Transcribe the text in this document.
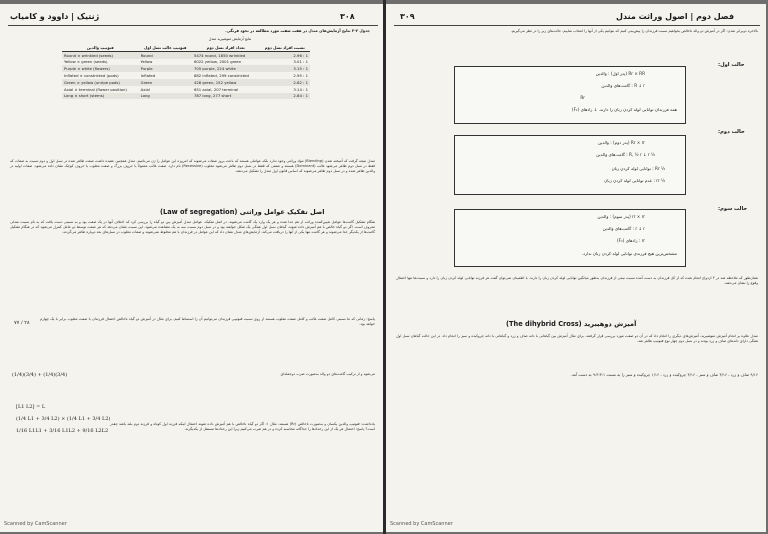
ژنتیک | داوود و کامیاب	۳۰۸
جدول ۳-۲ نتایج آزمایش‌های مندل در هفت صفت مورد مطالعه در نخود فرنگی.
نتایج آزمایش منوهیبرید مندل
فنوتیپ والدین	فنوتیپ غالب نسل اول	تعداد افراد نسل دوم	نسبت افراد نسل دوم
Round × wrinkled (seeds)	Round	5474 round, 1850 wrinkled	2.96 : 1
Yellow × green (seeds)	Yellow	6022 yellow, 2001 green	3.01 : 1
Purple × white (flowers)	Purple	705 purple, 224 white	3.15 : 1
Inflated × constricted (pods)	Inflated	882 inflated, 299 constricted	2.95 : 1
Green × yellow (unripe pods)	Green	428 green, 152 yellow	2.82 : 1
Axial × terminal (flower position)	Axial	651 axial, 207 terminal	3.14 : 1
Long × short (stems)	Long	787 long, 277 short	2.84 : 1
مندل نتیجه گرفت که آمیخته شدن (Blending) مواد وراثتی وجود ندارد بلکه عواملی هستند که باعث بروز صفات می‌شوند که امروزه این عوامل را ژن می‌نامیم. مندل همچنین عقیده داشت صفت ظاهر شده در نسل اول و دوم نسبت به صفات که فقط در نسل دوم ظاهر می‌شود غالب (Dominant) هستند و صفتی که فقط در نسل دوم ظاهر می‌شود مغلوب (Recessive) نام دارد. صفت غالب معمولاً با حروف بزرگ و صفت مغلوب با حروف کوچک نشان داده می‌شود. صفات اولیه در والدین ظاهر شده و در نسل دوم ظاهر می‌شوند که اساس قانون اول مندل را تشکیل می‌دهند.
اصل تفکیک عوامل وراثتی (Law of segregation)
هنگام تشکیل گامت‌ها عوامل تعیین‌کننده وراثت از هم جدا شده و هر یک وارد یک گامت می‌شوند. در اصل تفکیک، عوامل مندل آمیزش بین دو گیاه را بررسی کرد که اختلاف آنها در یک صفت بود و به نسبتی دست یافت که به نام نسبت مندلی معروف است. اگر دو گیاه خالص با هم آمیزش داده شوند، گیاهان نسل اول همگی یک شکل خواهند بود و در نسل دوم نسبت سه به یک مشاهده می‌شود. این نسبت نشان می‌دهد که هر صفت توسط دو عامل کنترل می‌شود که در هنگام تشکیل گامت‌ها از یکدیگر جدا می‌شوند و هر گامت تنها یکی از آنها را دریافت می‌کند. آزمایش‌های مندل نشان داد که این عوامل در فرزندان با هم مخلوط نمی‌شوند و صفات مغلوب در نسل‌های بعد دوباره ظاهر می‌گردند.
پاسخ: زمانی که ما نسبتی کامل صفت غالب و کامل صفت مغلوب هستند از روی نسبت فنوتیپی فرزندان می‌توانیم آن را استنباط کنیم. برای مثال در آمیزش دو گیاه ناخالص احتمال فرزندان با صفت مغلوب برابر با یک چهارم خواهد بود.
۷۷ / ۲۸
(1/4)(3/4) + (1/4)(3/4)	می‌شود و از ترکیب گامت‌های دو والد به‌صورت ضرب دوجمله‌ای
[L1 L2] = L
(1/4 L1 + 3/4 L2) × (1/4 L1 + 3/4 L2)
1/16 L1L1 + 3/16 L1L2 + 9/16 L2L2
یادداشت: فنوتیپ والدین یکسان و به‌صورت ناخالص (Rr) هستند. مثال ۱: اگر دو گیاه ناخالص با هم آمیزش داده شوند احتمال اینکه فرزند اول کوتاه و فرزند دوم بلند باشد چقدر است؟ پاسخ: احتمال هر یک از این رخدادها را جداگانه محاسبه کرده و در هم ضرب می‌کنیم زیرا این رخدادها مستقل از یکدیگرند.
Scanned by CamScanner
فصل دوم | اصول وراثت مندل
۳۰۹
بالاخره دوبرابر شدن: اگر در آمیزش دو والد ناخالص بخواهیم نسبت فرزندان را پیش‌بینی کنیم که بتوانیم یکی از آنها را انتخاب نماییم، حالت‌های زیر را در نظر می‌گیریم.
حالت اول:
Rr × RR (پدر اول) : والدین
R ↓ r : گامت‌های والدین
Rr
همه فرزندان توانایی لوله کردن زبان را دارند. ↓ زادهای (F₁)
حالت دوم:
Rr × rr (پدر دوم) : والدین
½ R, ½ r ↓ r : گامت‌های والدین
½ Rr : توانایی لوله کردن زبان
½ rr : عدم توانایی لوله کردن زبان
حالت سوم:
rr × rr (پدر سوم) : والدین
r ↓ r : گامت‌های والدین
rr : زادهای (F₁)
مشخص‌ترین هیچ فرزندی توانایی لوله کردن زبان ندارد.
همان‌طور که ملاحظه شد در ۳ ازدواج انجام شده که از کل فرزندان به دست آمده نسبت نیمی از فرزندان به‌طور میانگین توانایی لوله کردن زبان را دارند. با اطمینان نمی‌توان گفت هر فرزند توانایی لوله کردن زبان را دارد و نسبت‌ها تنها احتمال وقوع را نشان می‌دهند.
آمیزش دوهیبرید (The dihybrid Cross)
مندل علاوه بر انجام آمیزش منوهیبرید، آمیزش‌های دیگری را انجام داد که در آن دو صفت مورد بررسی قرار گرفتند. برای مثال آمیزش بین گیاهانی با دانه صاف و زرد و گیاهانی با دانه چروکیده و سبز را انجام داد. در این حالت گیاهان نسل اول همگی دارای دانه‌های صاف و زرد بودند و در نسل دوم چهار نوع فنوتیپ ظاهر شد.
۹/۱۶ صاف و زرد ، ۳/۱۶ صاف و سبز ، ۳/۱۶ چروکیده و زرد ، ۱/۱۶ چروکیده و سبز را به نسبت ۹:۳:۳:۱ به دست آمد.
Scanned by CamScanner
